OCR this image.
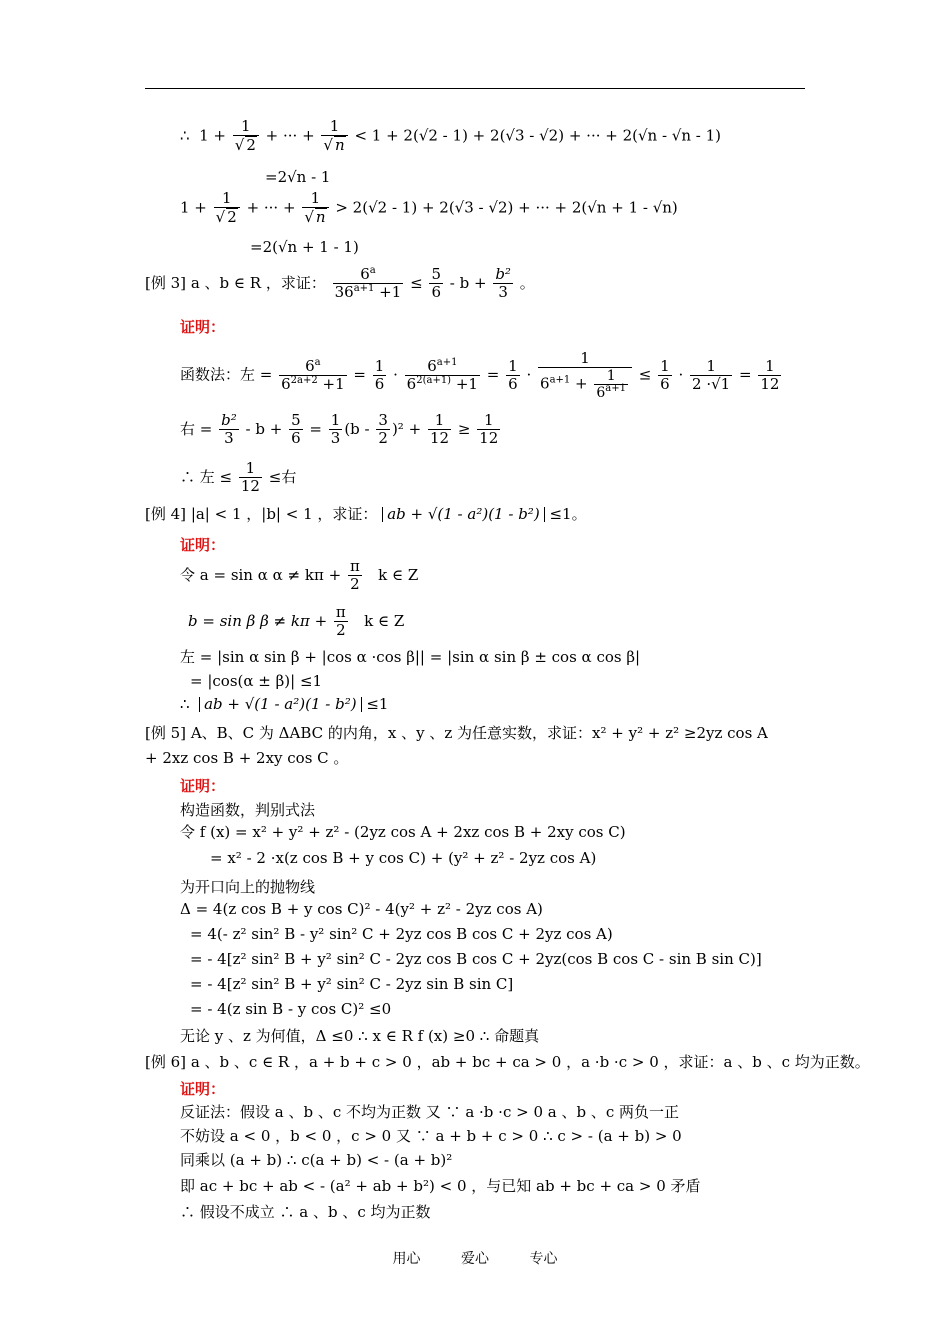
∴ $1 + \frac{1}{√ 2}$ + ··· + $\frac{1}{√ n} < 1 + 2(√2 - 1) + 2(√3 - √2)$ + ··· + 2(√n - √n - 1)
=2√n - 1
$1 + \frac{1}{√ 2}$ + ··· + $\frac{1}{√ n} > 2(√2 - 1) + 2(√3 - √2)$ + ··· + 2(√n + 1 - √n)
=2(√n + 1 - 1)
[例 3] a 、b ∈ R ，求证： $\frac{6^a}{36^{a+1} +1} \le \frac{5}{6} - b + \frac{\text{b²}}{3}$ 。
证明：
函数法：左 = $\frac{6^a}{6^{2a+2} +1} = \frac{1}{6} \cdot \frac{6^{a+1}}{6^{2(a+1)} +1} = \frac{1}{6} \cdot \frac{1}{6^{a+1} + \frac{1}{6^{a+1}}} \le \frac{1}{6} \cdot \frac{1}{2 \cdot√1} = \frac{1}{12}$
右 = $\frac{\text{b²}}{3} - b + \frac{5}{6} = \frac{1}{3} (b - \frac{3}{2} )^2 + \frac{1}{12} \ge \frac{1}{12}$
∴ 左 ≤ $\frac{1}{12}$ ≤右
[例 4] |a| < 1 ，|b| < 1 ，求证： ab + √(1 - a²)(1 - b²) ≤1。
证明：
令 a = sin α $\alpha \ne k\pi + \frac{\pi}{2}$ k ∈ Z
b = sin β $\beta \ne k\pi + \frac{\pi}{2}$ k ∈ Z
左 = |sin α sin β + |cos α ·cos β|| = |sin α sin β ± cos α cos β|
= |cos(α ± β)| ≤1
∴ ab + √(1 - a²)(1 - b²) ≤1
[例 5] A、B、C 为 ΔABC 的内角，x 、y 、z 为任意实数，求证：x² + y² + z² ≥2yz cos A
+ 2xz cos B + 2xy cos C 。
证明：
构造函数，判别式法
令 f (x) = x² + y² + z² - (2yz cos A + 2xz cos B + 2xy cos C)
= x² - 2 ·x(z cos B + y cos C) + (y² + z² - 2yz cos A)
为开口向上的抛物线
Δ = 4(z cos B + y cos C)² - 4(y² + z² - 2yz cos A)
= 4(- z² sin² B - y² sin² C + 2yz cos B cos C + 2yz cos A)
= - 4[z² sin² B + y² sin² C - 2yz cos B cos C + 2yz(cos B cos C - sin B sin C)]
= - 4[z² sin² B + y² sin² C - 2yz sin B sin C]
= - 4(z sin B - y cos C)² ≤0
无论 y 、z 为何值，Δ ≤0 ∴ x ∈ R f (x) ≥0 ∴ 命题真
[例 6] a 、b 、c ∈ R ，a + b + c > 0 ，ab + bc + ca > 0 ，a ·b ·c > 0 ，求证：a 、b 、c 均为正数。
证明：
反证法：假设 a 、b 、c 不均为正数 又 ∵ a ·b ·c > 0 a 、b 、c 两负一正
不妨设 a < 0 ，b < 0 ，c > 0 又 ∵ a + b + c > 0 ∴ c > - (a + b) > 0
同乘以 (a + b) ∴ c(a + b) < - (a + b)²
即 ac + bc + ab < - (a² + ab + b²) < 0 ，与已知 ab + bc + ca > 0 矛盾
∴ 假设不成立 ∴ a 、b 、c 均为正数
用心	爱心	专心
